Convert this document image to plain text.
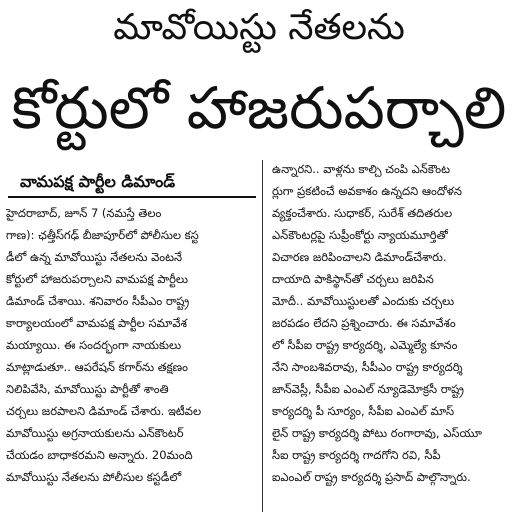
మావోయిస్టు నేతలను
కోర్టులో హాజరుపర్చాలి
వామపక్ష పార్టీల డిమాండ్
హైదరాబాద్, జూన్ 7 (నమస్తే తెలం
గాణ): ఛత్తీస్‌గఢ్ బీజాపూర్‌లో పోలీసుల కస్ట
డీలో ఉన్న మావోయిస్టు నేతలను వెంటనే
కోర్టులో హాజరుపర్చాలని వామపక్ష పార్టీలు
డిమాండ్ చేశాయి. శనివారం సీపీఎం రాష్ట్ర
కార్యాలయంలో వామపక్ష పార్టీల సమావేశ
మయ్యాయి. ఈ సందర్భంగా నాయకులు
మాట్లాడుతూ.. ఆపరేషన్ కగార్‌ను తక్షణం
నిలిపివేసి, మావోయిస్టు పార్టీతో శాంతి
చర్చలు జరపాలని డిమాండ్ చేశారు. ఇటీవల
మావోయిస్టు అగ్రనాయకులను ఎన్‌కౌంటర్
చేయడం బాధాకరమని అన్నారు. 20మంది
మావోయిస్టు నేతలను పోలీసుల కస్టడీలో
ఉన్నారని.. వాళ్లను కాల్చి చంపి ఎన్‌కౌంట
ర్లుగా ప్రకటించే అవకాశం ఉన్నదని ఆందోళన
వ్యక్తంచేశారు. సుధాకర్, సురేశ్ తదితరుల
ఎన్‌కౌంటర్లపై సుప్రీంకోర్టు న్యాయమూర్తితో
విచారణ జరిపించాలని డిమాండ్‌చేశారు.
దాయాది పాకిస్థాన్‌తో చర్చలు జరిపిన
మోదీ.. మావోయిస్టులతో ఎందుకు చర్చలు
జరపడం లేదని ప్రశ్నించారు. ఈ సమావేశం
లో సీపీఐ రాష్ట్ర కార్యదర్శి, ఎమ్మెల్యే కూనం
నేని సాంబశివరావు, సీపీఎం రాష్ట్ర కార్యదర్శి
జాన్‌వెస్లీ, సీపీఐ ఎంఎల్ న్యూడెమోక్రసీ రాష్ట్ర
కార్యదర్శి పీ సూర్యం, సీపీఐ ఎంఎల్ మాస్
లైన్ రాష్ట్ర కార్యదర్శి పోటు రంగారావు, ఎస్‌యూ
సీఐ రాష్ట్ర కార్యదర్శి గాదగోని రవి, సీపీ
ఐఎంఎల్ రాష్ట్ర కార్యదర్శి ప్రసాద్ పాల్గొన్నారు.
